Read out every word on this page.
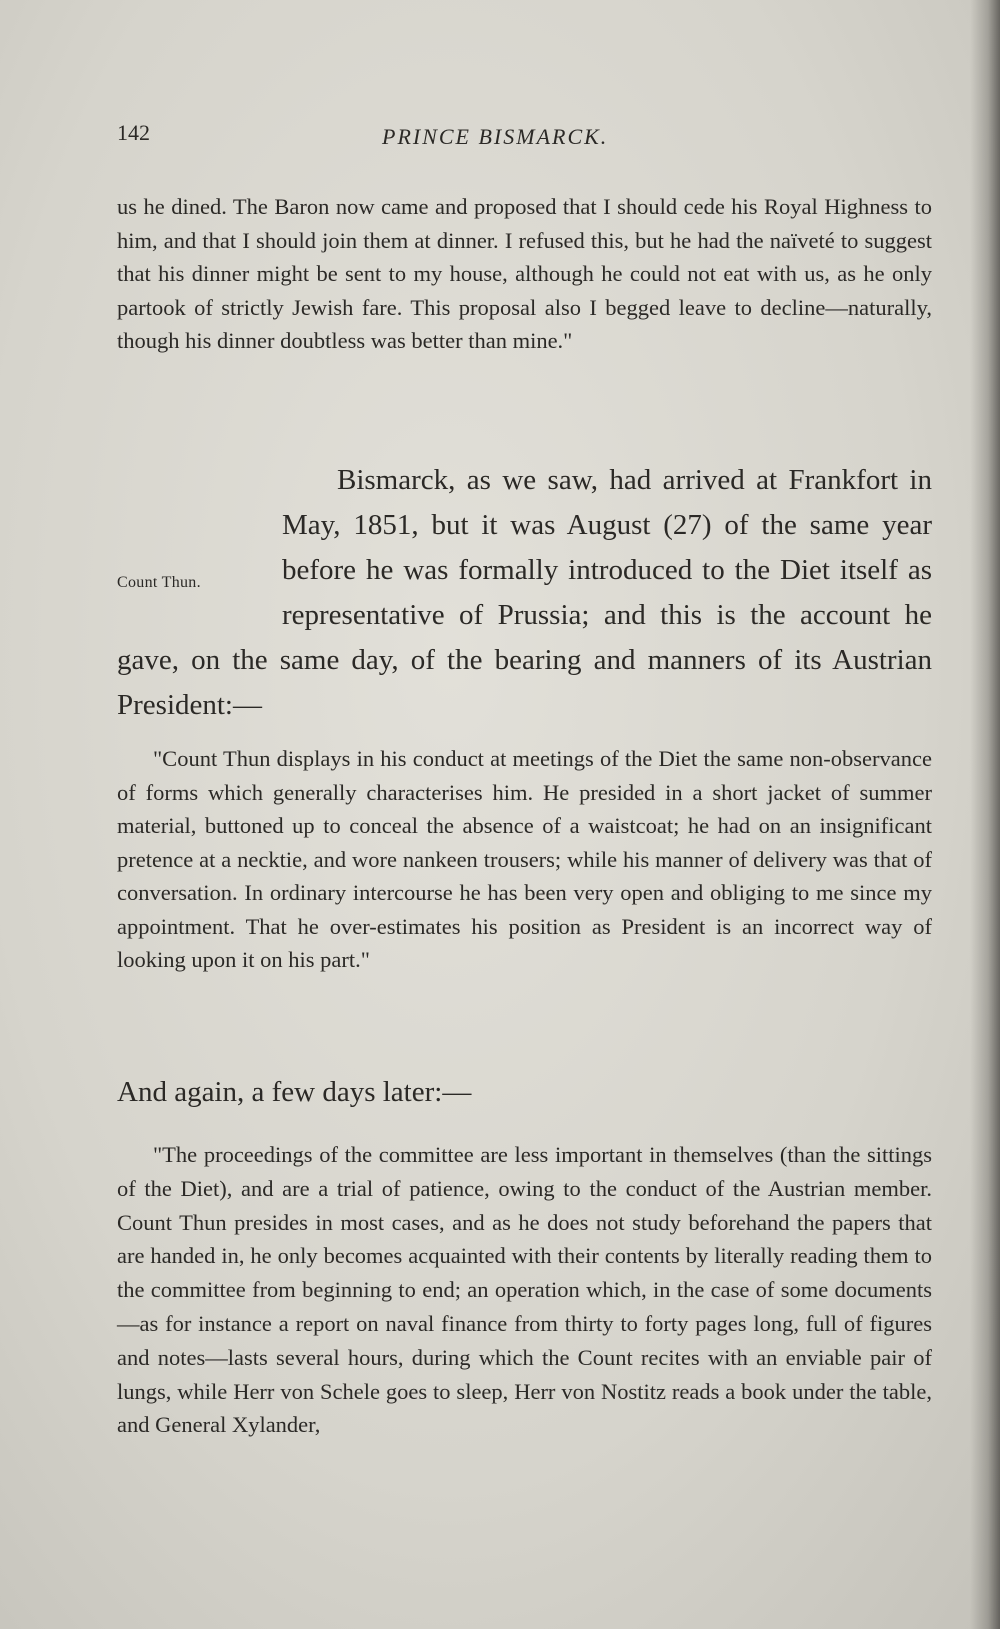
142	PRINCE BISMARCK.

us he dined. The Baron now came and proposed that I should cede his Royal Highness to him, and that I should join them at dinner. I refused this, but he had the naïveté to suggest that his dinner might be sent to my house, although he could not eat with us, as he only partook of strictly Jewish fare. This proposal also I begged leave to decline—naturally, though his dinner doubtless was better than mine."

Count Thun.
Bismarck, as we saw, had arrived at Frankfort in May, 1851, but it was August (27) of the same year before he was formally introduced to the Diet itself as representative of Prussia; and this is the account he gave, on the same day, of the bearing and manners of its Austrian President:—
"Count Thun displays in his conduct at meetings of the Diet the same non-observance of forms which generally characterises him. He presided in a short jacket of summer material, buttoned up to conceal the absence of a waistcoat; he had on an insignificant pretence at a necktie, and wore nankeen trousers; while his manner of delivery was that of conversation. In ordinary intercourse he has been very open and obliging to me since my appointment. That he over-estimates his position as President is an incorrect way of looking upon it on his part."

And again, a few days later:—

"The proceedings of the committee are less important in themselves (than the sittings of the Diet), and are a trial of patience, owing to the conduct of the Austrian member. Count Thun presides in most cases, and as he does not study beforehand the papers that are handed in, he only becomes acquainted with their contents by literally reading them to the committee from beginning to end; an operation which, in the case of some documents—as for instance a report on naval finance from thirty to forty pages long, full of figures and notes—lasts several hours, during which the Count recites with an enviable pair of lungs, while Herr von Schele goes to sleep, Herr von Nostitz reads a book under the table, and General Xylander,
